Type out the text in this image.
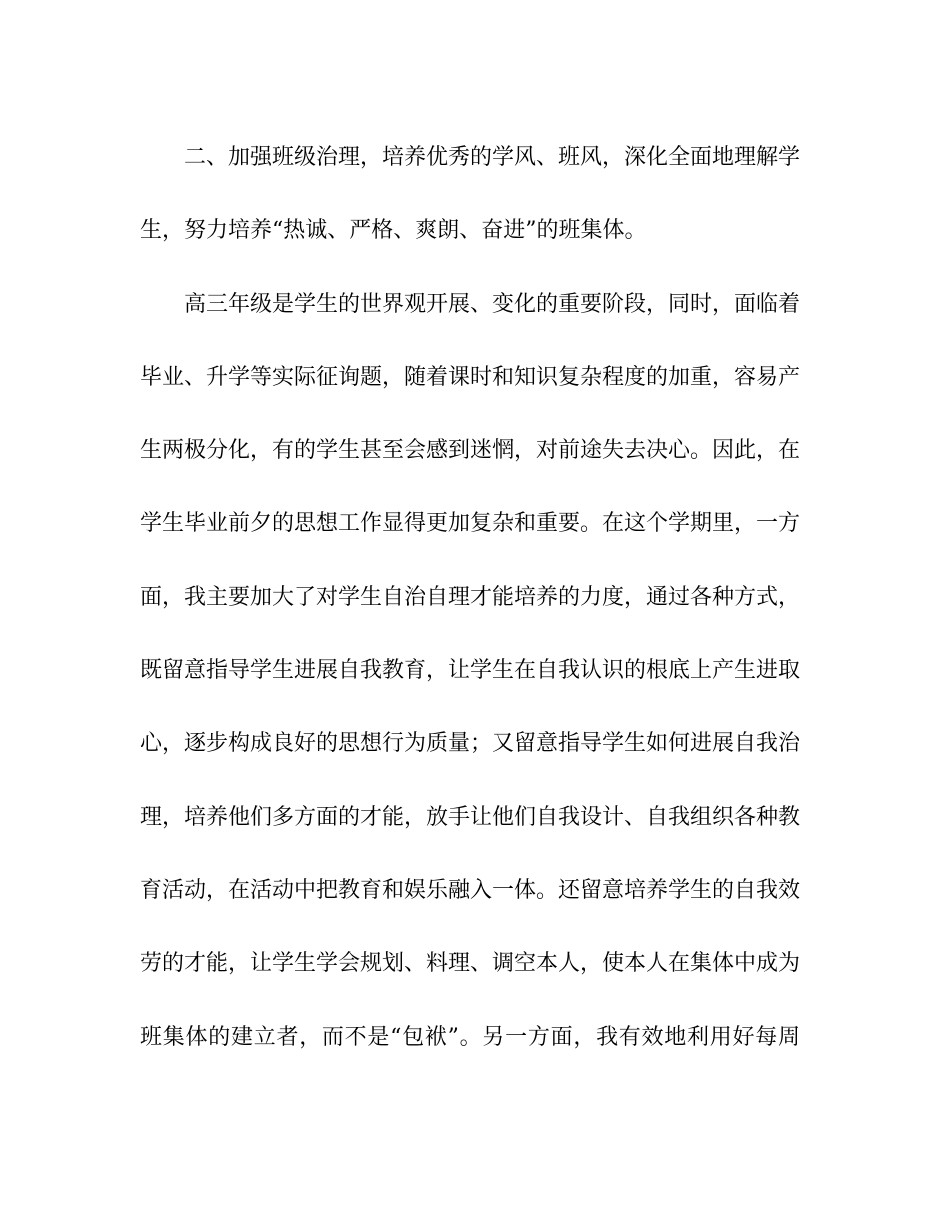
二、加强班级治理，培养优秀的学风、班风，深化全面地理解学
生，努力培养“热诚、严格、爽朗、奋进”的班集体。
高三年级是学生的世界观开展、变化的重要阶段，同时，面临着
毕业、升学等实际征询题，随着课时和知识复杂程度的加重，容易产
生两极分化，有的学生甚至会感到迷惘，对前途失去决心。因此，在
学生毕业前夕的思想工作显得更加复杂和重要。在这个学期里，一方
面，我主要加大了对学生自治自理才能培养的力度，通过各种方式，
既留意指导学生进展自我教育，让学生在自我认识的根底上产生进取
心，逐步构成良好的思想行为质量；又留意指导学生如何进展自我治
理，培养他们多方面的才能，放手让他们自我设计、自我组织各种教
育活动，在活动中把教育和娱乐融入一体。还留意培养学生的自我效
劳的才能，让学生学会规划、料理、调空本人，使本人在集体中成为
班集体的建立者，而不是“包袱”。另一方面，我有效地利用好每周
